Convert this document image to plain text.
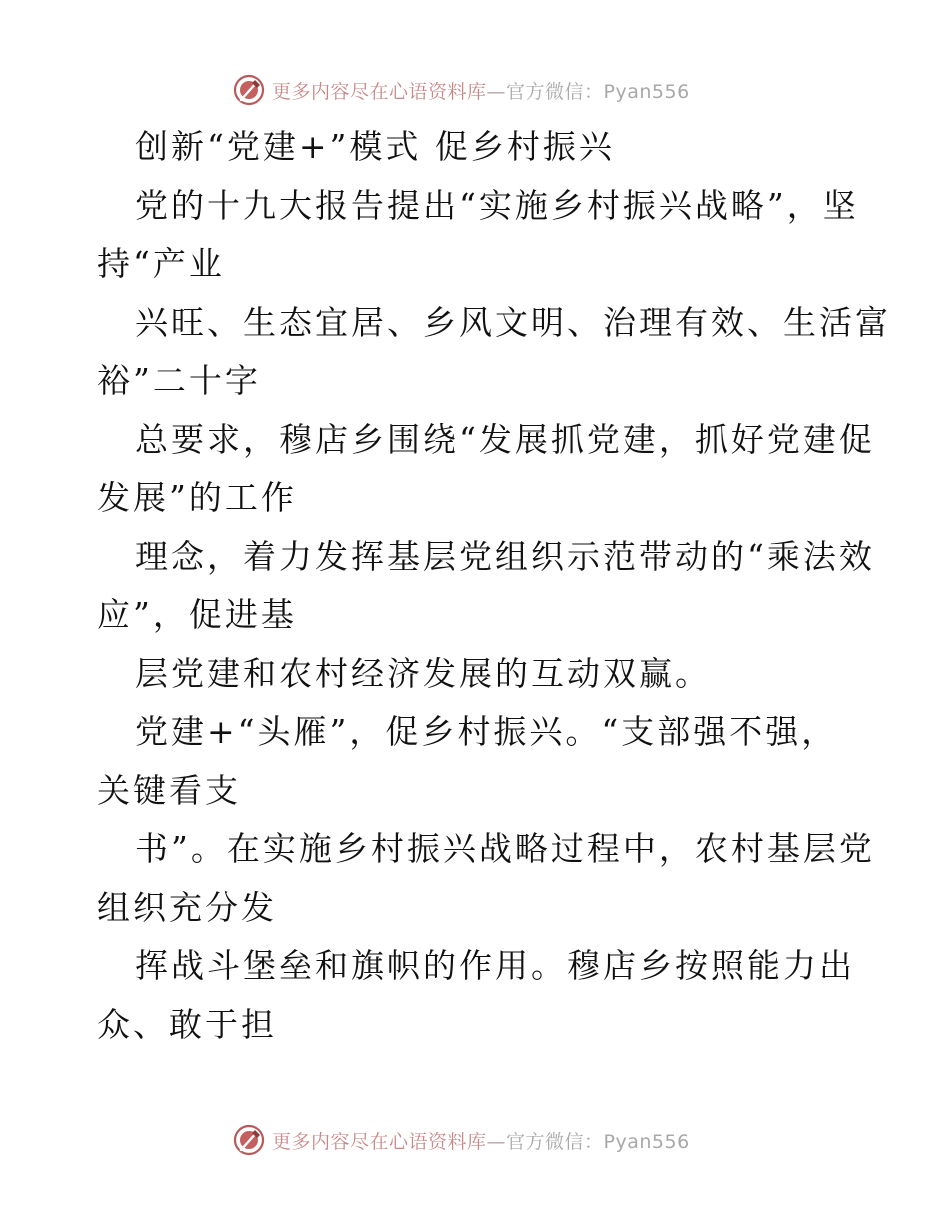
更多内容尽在心语资料库—官方微信：Pyan556
创新“党建+”模式 促乡村振兴
党的十九大报告提出“实施乡村振兴战略”，坚
持“产业
兴旺、生态宜居、乡风文明、治理有效、生活富
裕”二十字
总要求，穆店乡围绕“发展抓党建，抓好党建促
发展”的工作
理念，着力发挥基层党组织示范带动的“乘法效
应”，促进基
层党建和农村经济发展的互动双赢。
党建+“头雁”，促乡村振兴。“支部强不强，
关键看支
书”。在实施乡村振兴战略过程中，农村基层党
组织充分发
挥战斗堡垒和旗帜的作用。穆店乡按照能力出
众、敢于担
更多内容尽在心语资料库—官方微信：Pyan556
